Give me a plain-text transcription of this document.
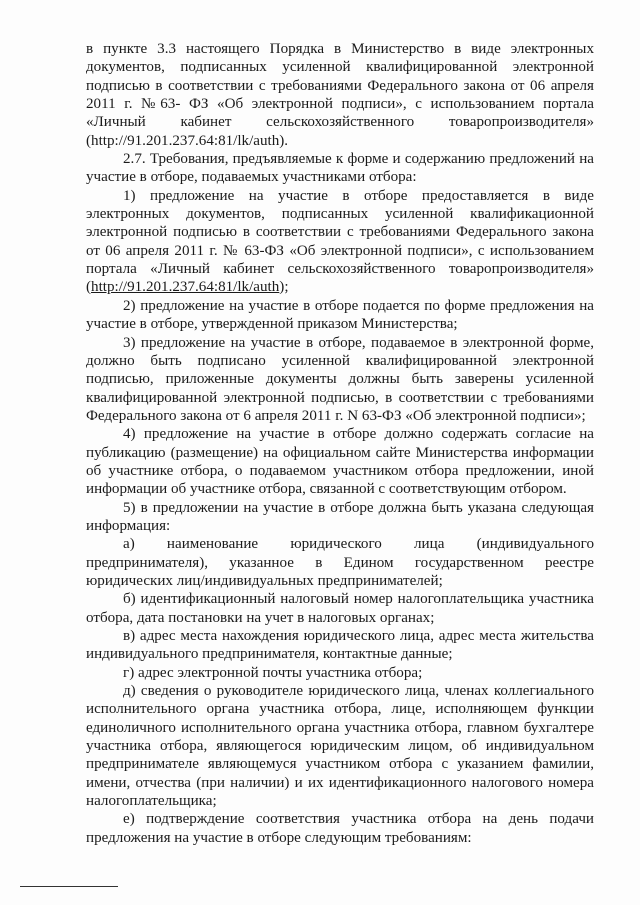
в пункте 3.3 настоящего Порядка в Министерство в виде электронных документов, подписанных усиленной квалифицированной электронной подписью в соответствии с требованиями Федерального закона от 06 апреля 2011 г. №63- ФЗ «Об электронной подписи», с использованием портала «Личный кабинет сельскохозяйственного товаропроизводителя» (http://91.201.237.64:81/lk/auth).

2.7. Требования, предъявляемые к форме и содержанию предложений на участие в отборе, подаваемых участниками отбора:

1) предложение на участие в отборе предоставляется в виде электронных документов, подписанных усиленной квалификационной электронной подписью в соответствии с требованиями Федерального закона от 06 апреля 2011 г. № 63-ФЗ «Об электронной подписи», с использованием портала «Личный кабинет сельскохозяйственного товаропроизводителя» (http://91.201.237.64:81/lk/auth);

2) предложение на участие в отборе подается по форме предложения на участие в отборе, утвержденной приказом Министерства;

3) предложение на участие в отборе, подаваемое в электронной форме, должно быть подписано усиленной квалифицированной электронной подписью, приложенные документы должны быть заверены усиленной квалифицированной электронной подписью, в соответствии с требованиями Федерального закона от 6 апреля 2011 г. N 63-ФЗ «Об электронной подписи»;

4) предложение на участие в отборе должно содержать согласие на публикацию (размещение) на официальном сайте Министерства информации об участнике отбора, о подаваемом участником отбора предложении, иной информации об участнике отбора, связанной с соответствующим отбором.

5) в предложении на участие в отборе должна быть указана следующая информация:

а) наименование юридического лица (индивидуального предпринимателя), указанное в Едином государственном реестре юридических лиц/индивидуальных предпринимателей;

б) идентификационный налоговый номер налогоплательщика участника отбора, дата постановки на учет в налоговых органах;

в) адрес места нахождения юридического лица, адрес места жительства индивидуального предпринимателя, контактные данные;

г) адрес электронной почты участника отбора;

д) сведения о руководителе юридического лица, членах коллегиального исполнительного органа участника отбора, лице, исполняющем функции единоличного исполнительного органа участника отбора, главном бухгалтере участника отбора, являющегося юридическим лицом, об индивидуальном предпринимателе являющемуся участником отбора с указанием фамилии, имени, отчества (при наличии) и их идентификационного налогового номера налогоплательщика;

е) подтверждение соответствия участника отбора на день подачи предложения на участие в отборе следующим требованиям:
